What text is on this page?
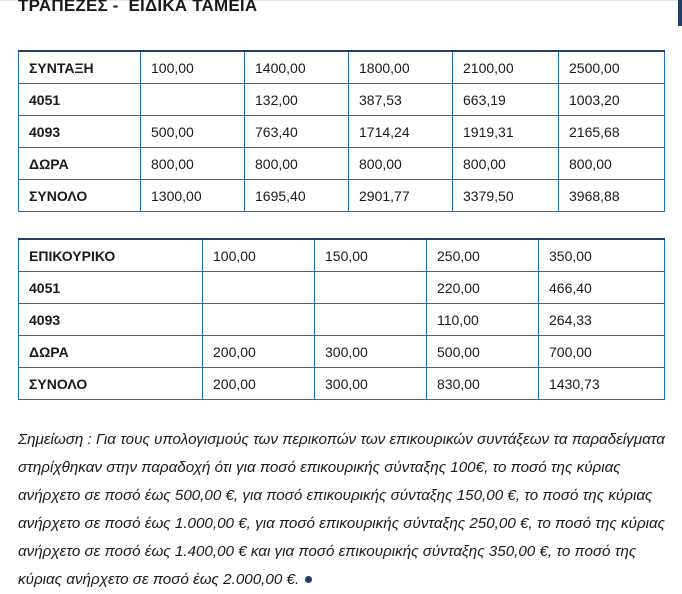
ΤΡΑΠΕΖΕΣ -  ΕΙΔΙΚΑ ΤΑΜΕΙΑ
ΣΥΝΤΑΞΗ	100,00	1400,00	1800,00	2100,00	2500,00
4051		132,00	387,53	663,19	1003,20
4093	500,00	763,40	1714,24	1919,31	2165,68
ΔΩΡΑ	800,00	800,00	800,00	800,00	800,00
ΣΥΝΟΛΟ	1300,00	1695,40	2901,77	3379,50	3968,88
ΕΠΙΚΟΥΡΙΚΟ	100,00	150,00	250,00	350,00
4051			220,00	466,40
4093			110,00	264,33
ΔΩΡΑ	200,00	300,00	500,00	700,00
ΣΥΝΟΛΟ	200,00	300,00	830,00	1430,73
Σημείωση : Για τους υπολογισμούς των περικοπών των επικουρικών συντάξεων τα παραδείγματα στηρίχθηκαν στην παραδοχή ότι για ποσό επικουρικής σύνταξης 100€, το ποσό της κύριας ανήρχετο σε ποσό έως 500,00 €, για ποσό επικουρικής σύνταξης 150,00 €, το ποσό της κύριας ανήρχετο σε ποσό έως 1.000,00 €, για ποσό επικουρικής σύνταξης 250,00 €, το ποσό της κύριας ανήρχετο σε ποσό έως 1.400,00 € και για ποσό επικουρικής σύνταξης 350,00 €, το ποσό της κύριας ανήρχετο σε ποσό έως 2.000,00 €.
